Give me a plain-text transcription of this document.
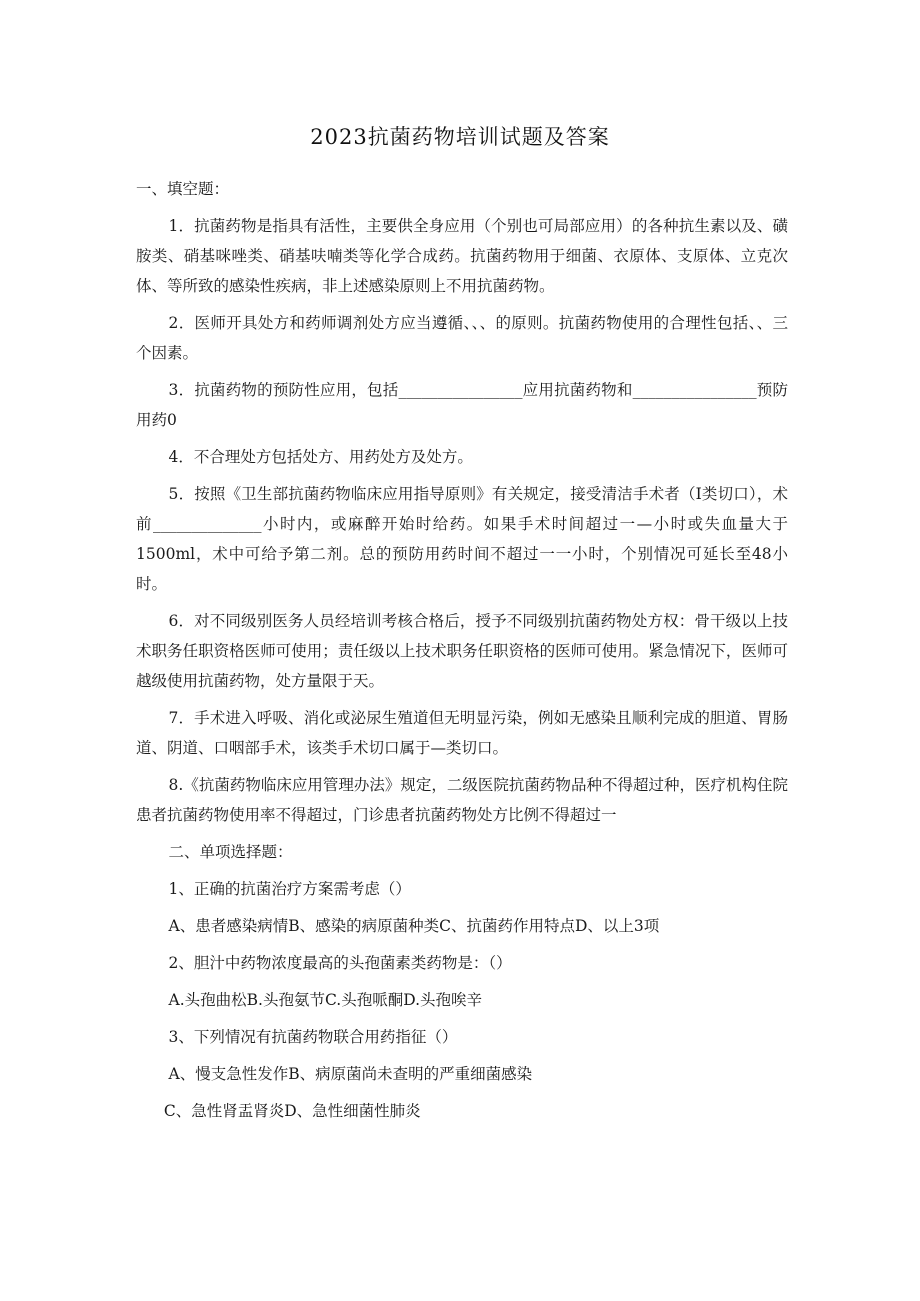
2023抗菌药物培训试题及答案

一、填空题：

1．抗菌药物是指具有活性，主要供全身应用（个别也可局部应用）的各种抗生素以及、磺胺类、硝基咪唑类、硝基呋喃类等化学合成药。抗菌药物用于细菌、衣原体、支原体、立克次体、等所致的感染性疾病，非上述感染原则上不用抗菌药物。

2．医师开具处方和药师调剂处方应当遵循、、、的原则。抗菌药物使用的合理性包括、、三个因素。

3．抗菌药物的预防性应用，包括________________应用抗菌药物和________________预防用药0

4．不合理处方包括处方、用药处方及处方。

5．按照《卫生部抗菌药物临床应用指导原则》有关规定，接受清洁手术者（I类切口），术前______________小时内，或麻醉开始时给药。如果手术时间超过一—小时或失血量大于1500ml，术中可给予第二剂。总的预防用药时间不超过一一小时，个别情况可延长至48小时。

6．对不同级别医务人员经培训考核合格后，授予不同级别抗菌药物处方权：骨干级以上技术职务任职资格医师可使用；责任级以上技术职务任职资格的医师可使用。紧急情况下，医师可越级使用抗菌药物，处方量限于天。

7．手术进入呼吸、消化或泌尿生殖道但无明显污染，例如无感染且顺利完成的胆道、胃肠道、阴道、口咽部手术，该类手术切口属于—类切口。

8.《抗菌药物临床应用管理办法》规定，二级医院抗菌药物品种不得超过种，医疗机构住院患者抗菌药物使用率不得超过，门诊患者抗菌药物处方比例不得超过一

二、单项选择题：

1、正确的抗菌治疗方案需考虑（）

A、患者感染病情B、感染的病原菌种类C、抗菌药作用特点D、以上3项

2、胆汁中药物浓度最高的头孢菌素类药物是：（）

A.头孢曲松B.头孢氨节C.头孢哌酮D.头孢唉辛

3、下列情况有抗菌药物联合用药指征（）

A、慢支急性发作B、病原菌尚未查明的严重细菌感染

C、急性肾盂肾炎D、急性细菌性肺炎
